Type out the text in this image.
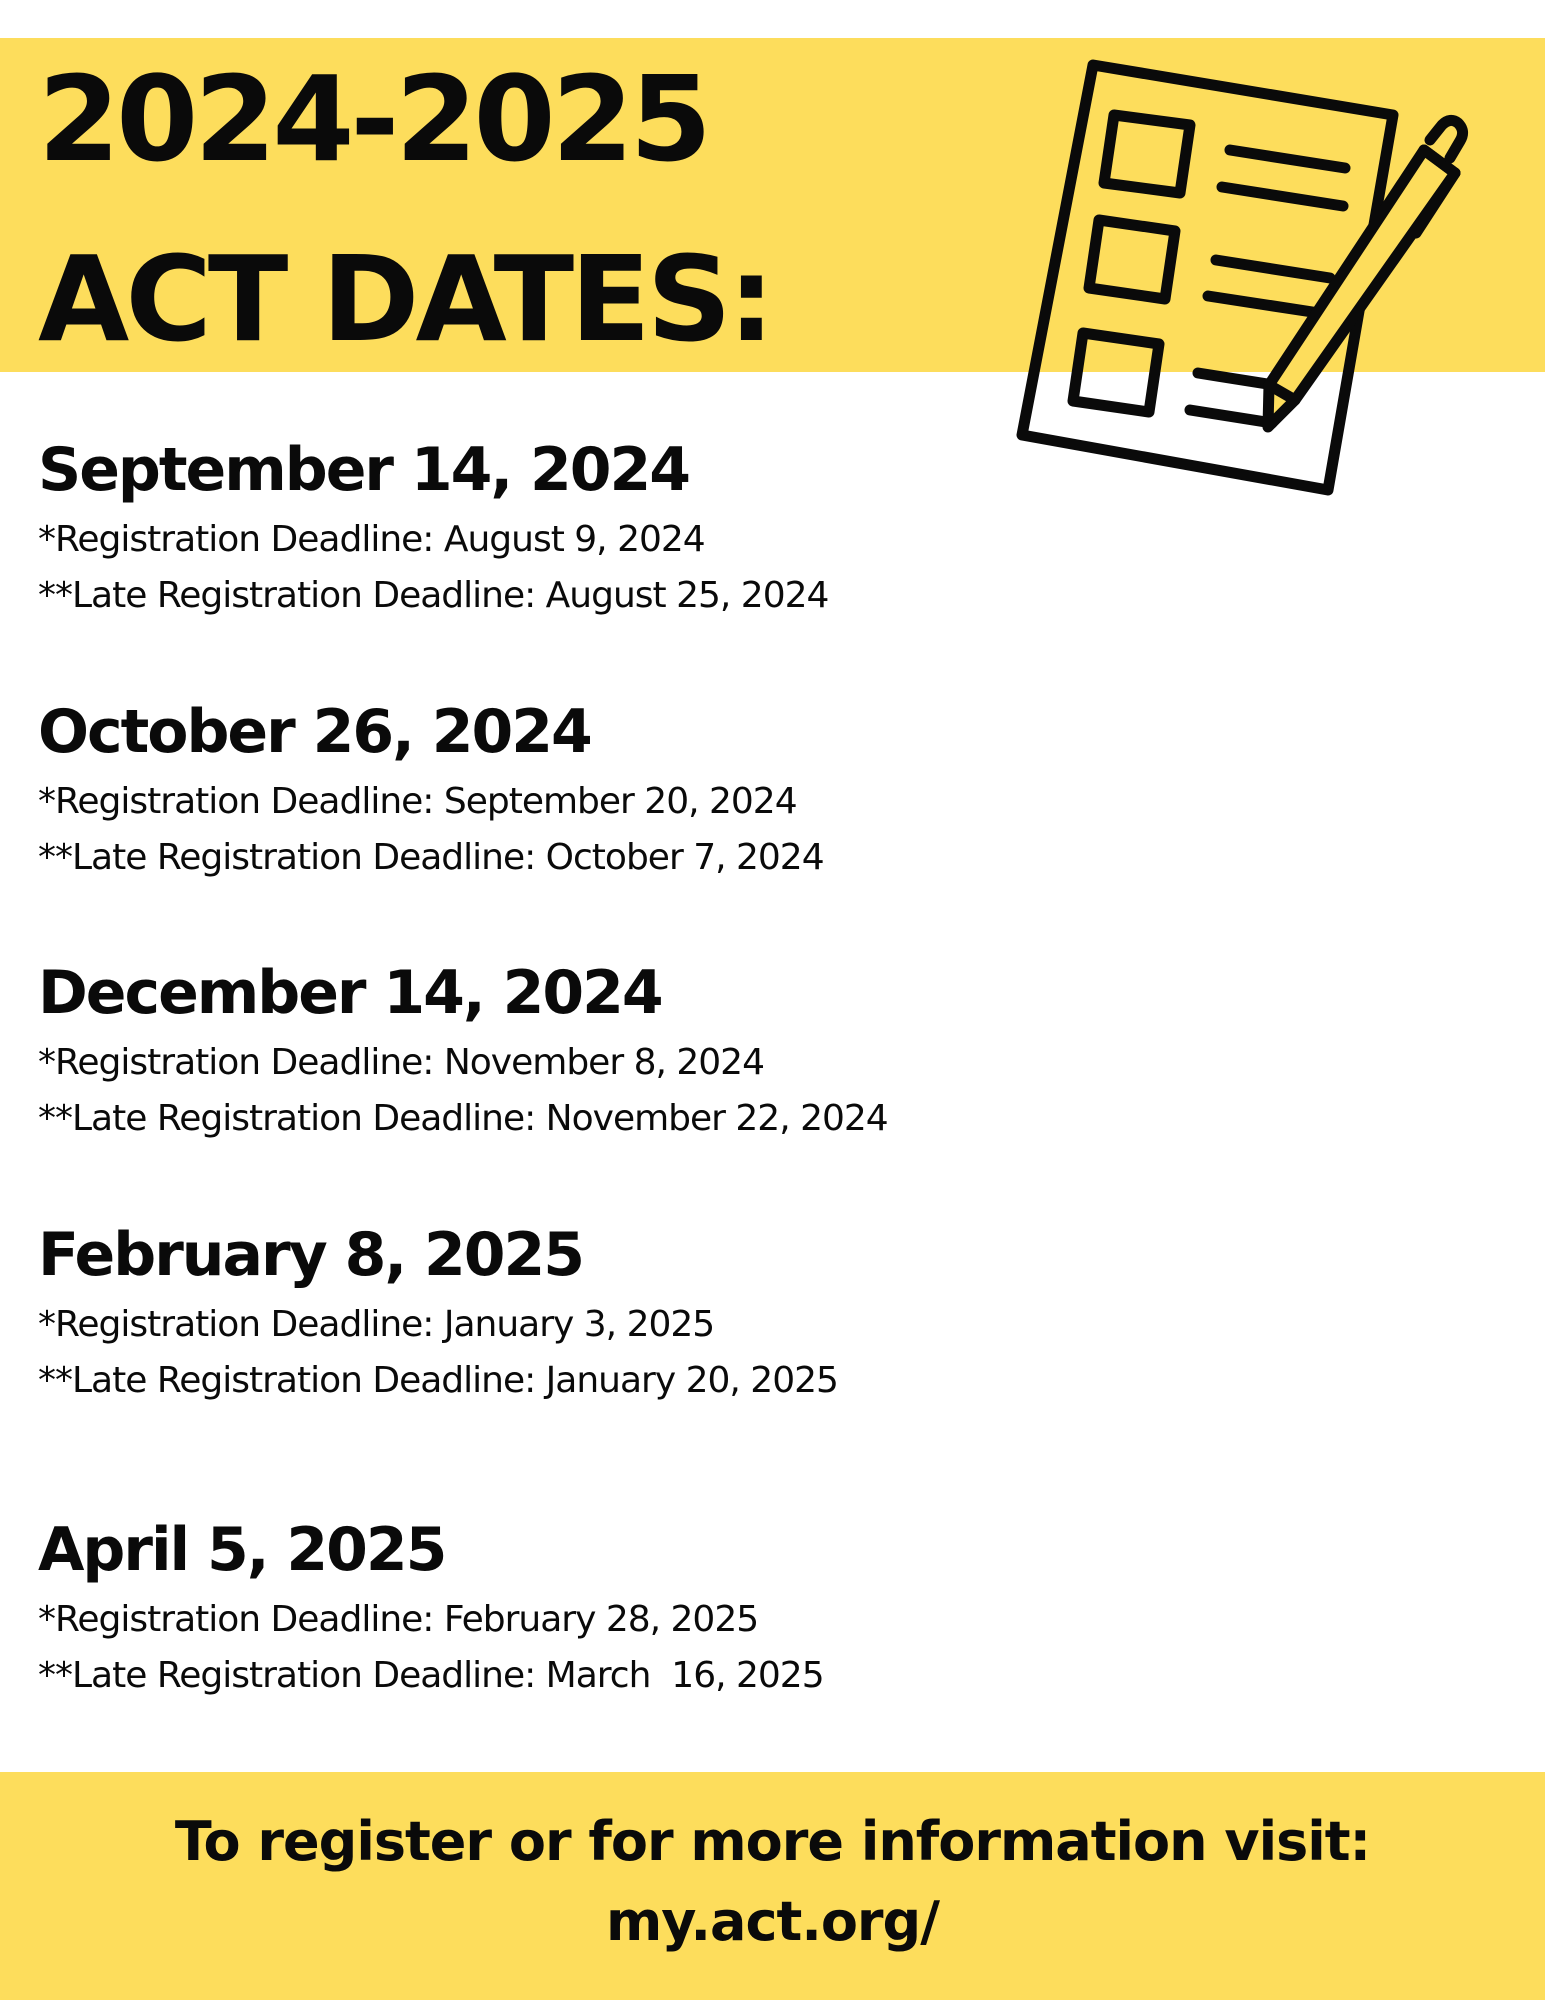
2024-2025
ACT DATES:
September 14, 2024
*Registration Deadline: August 9, 2024
**Late Registration Deadline: August 25, 2024
October 26, 2024
*Registration Deadline: September 20, 2024
**Late Registration Deadline: October 7, 2024
December 14, 2024
*Registration Deadline: November 8, 2024
**Late Registration Deadline: November 22, 2024
February 8, 2025
*Registration Deadline: January 3, 2025
**Late Registration Deadline: January 20, 2025
April 5, 2025
*Registration Deadline: February 28, 2025
**Late Registration Deadline: March  16, 2025

To register or for more information visit:

my.act.org/
